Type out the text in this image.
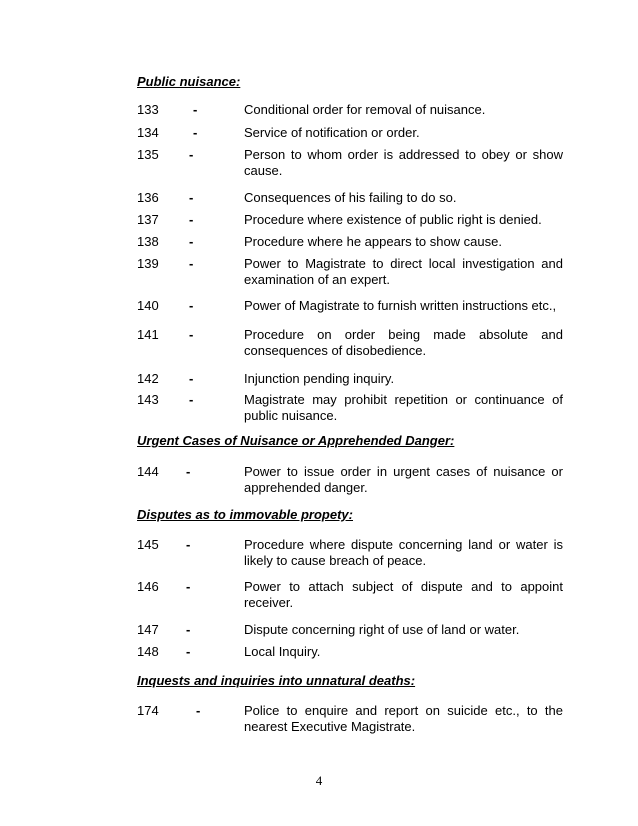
Public nuisance:
133	-	Conditional order for removal of nuisance.
134	-	Service of notification or order.
135 -	Person to whom order is addressed to obey or show cause.
136 -	Consequences of his failing to do so.
137 -	Procedure where existence of public right is denied.
138 -	Procedure where he appears to show cause.
139 -	Power to Magistrate to direct local investigation and examination of an expert.
140 -	Power of Magistrate to furnish written instructions etc.,
141 -	Procedure on order being made absolute and consequences of disobedience.
142 -	Injunction pending inquiry.
143 -	Magistrate may prohibit repetition or continuance of public nuisance.
Urgent Cases of Nuisance or Apprehended Danger:
144 -	Power to issue order in urgent cases of nuisance or apprehended danger.
Disputes as to immovable propety:
145 -	Procedure where dispute concerning land or water is likely to cause breach of peace.
146 -	Power to attach subject of dispute and to appoint receiver.
147 -	Dispute concerning right of use of land or water.
148 -	Local Inquiry.
Inquests and inquiries into unnatural deaths:
174	-	Police to enquire and report on suicide etc., to the nearest Executive Magistrate.
4
